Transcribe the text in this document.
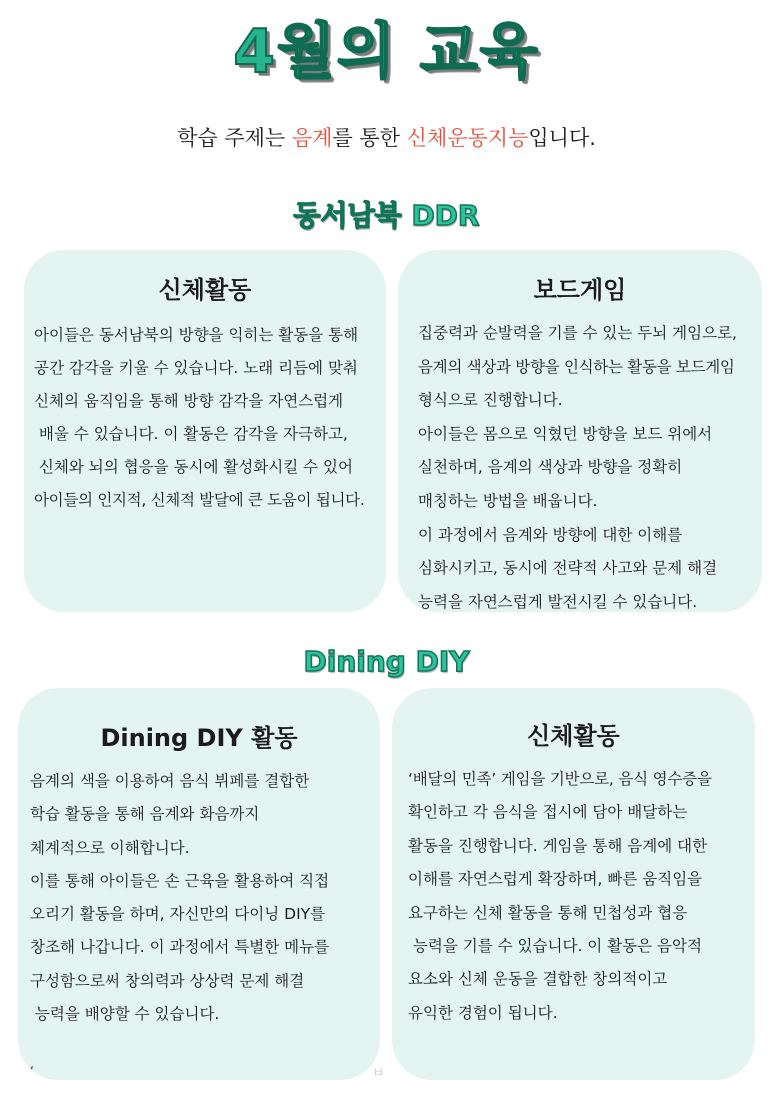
4월의 교육
학습 주제는 음계를 통한 신체운동지능입니다.
동서남북 DDR
신체활동
아이들은 동서남북의 방향을 익히는 활동을 통해
공간 감각을 키울 수 있습니다. 노래 리듬에 맞춰
신체의 움직임을 통해 방향 감각을 자연스럽게
배울 수 있습니다. 이 활동은 감각을 자극하고,
신체와 뇌의 협응을 동시에 활성화시킬 수 있어
아이들의 인지적, 신체적 발달에 큰 도움이 됩니다.
보드게임
집중력과 순발력을 기를 수 있는 두뇌 게임으로,
음계의 색상과 방향을 인식하는 활동을 보드게임
형식으로 진행합니다.
아이들은 몸으로 익혔던 방향을 보드 위에서
실천하며, 음계의 색상과 방향을 정확히
매칭하는 방법을 배웁니다.
이 과정에서 음계와 방향에 대한 이해를
심화시키고, 동시에 전략적 사고와 문제 해결
능력을 자연스럽게 발전시킬 수 있습니다.
Dining DIY
Dining DIY 활동
음계의 색을 이용하여 음식 뷔페를 결합한
학습 활동을 통해 음계와 화음까지
체계적으로 이해합니다.
이를 통해 아이들은 손 근육을 활용하여 직접
오리기 활동을 하며, 자신만의 다이닝 DIY를
창조해 나갑니다. 이 과정에서 특별한 메뉴를
구성함으로써 창의력과 상상력 문제 해결
능력을 배양할 수 있습니다.
신체활동
‘배달의 민족’ 게임을 기반으로, 음식 영수증을
확인하고 각 음식을 접시에 담아 배달하는
활동을 진행합니다. 게임을 통해 음계에 대한
이해를 자연스럽게 확장하며, 빠른 움직임을
요구하는 신체 활동을 통해 민첩성과 협응
능력을 기를 수 있습니다. 이 활동은 음악적
요소와 신체 운동을 결합한 창의적이고
유익한 경험이 됩니다.
‘	ㅂ
